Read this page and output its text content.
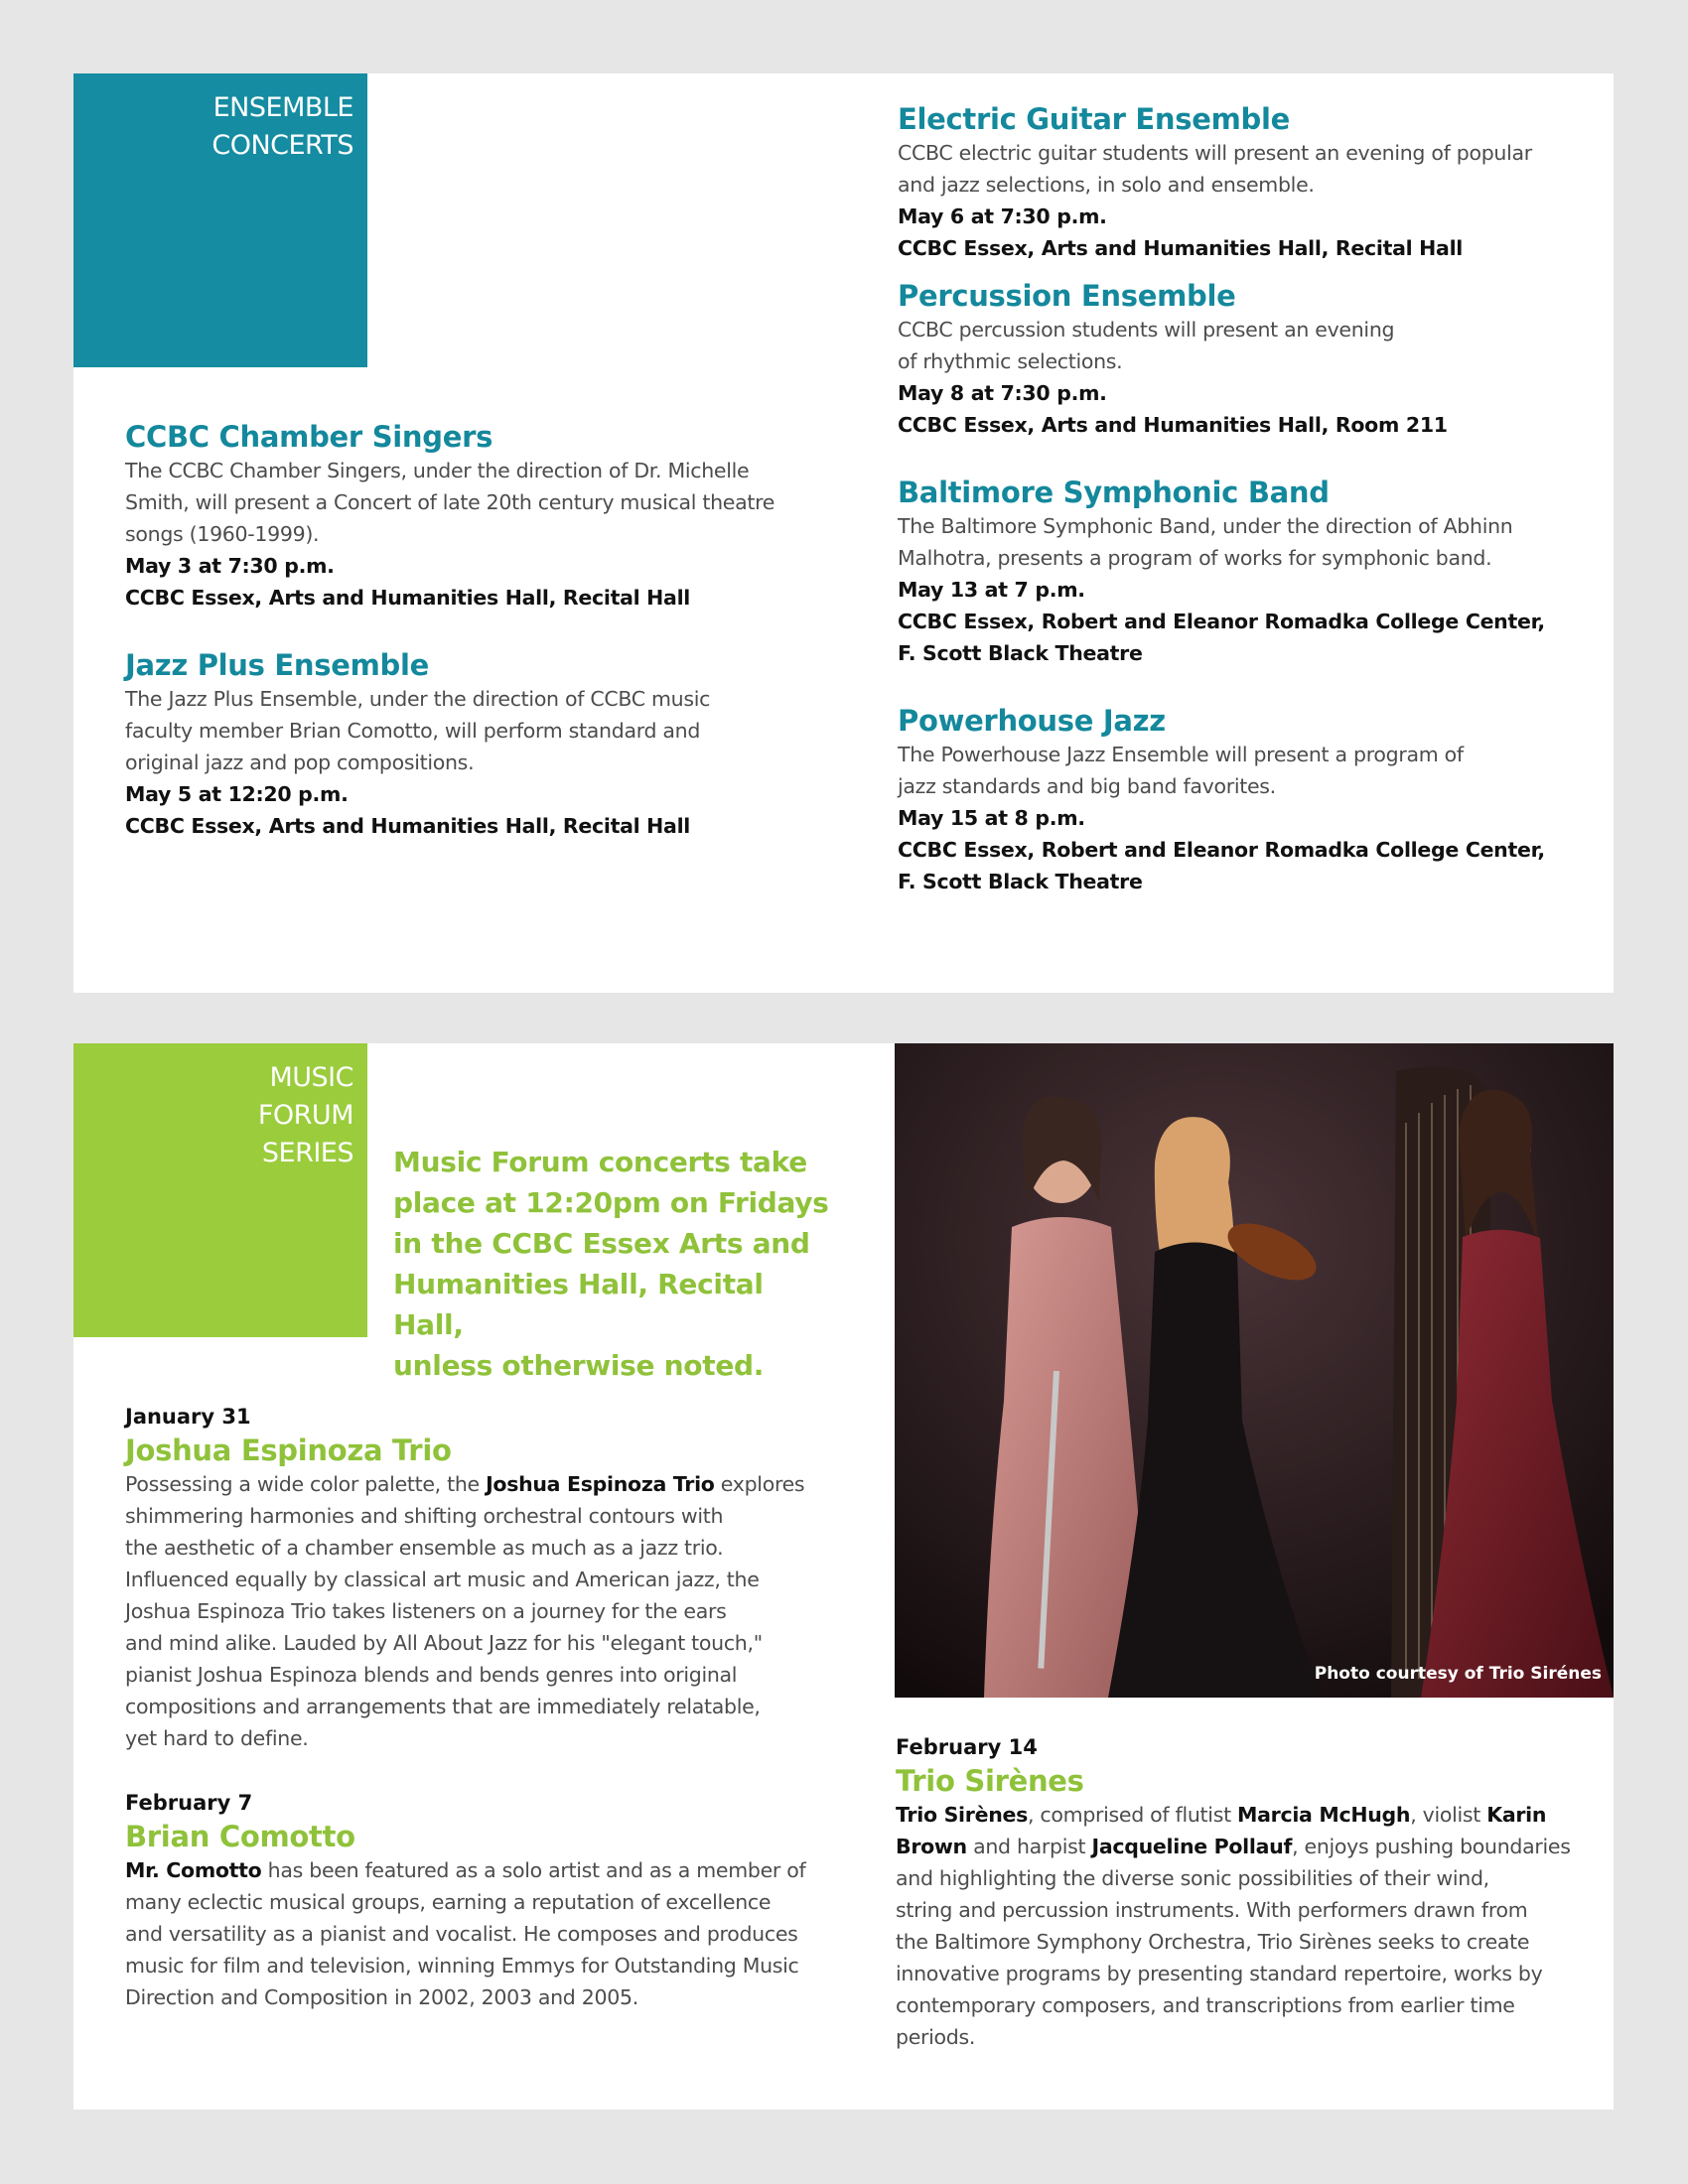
ENSEMBLE
CONCERTS
CCBC Chamber Singers

The CCBC Chamber Singers, under the direction of Dr. Michelle

Smith, will present a Concert of late 20th century musical theatre

songs (1960-1999).

May 3 at 7:30 p.m.

CCBC Essex, Arts and Humanities Hall, Recital Hall

Jazz Plus Ensemble

The Jazz Plus Ensemble, under the direction of CCBC music

faculty member Brian Comotto, will perform standard and

original jazz and pop compositions.

May 5 at 12:20 p.m.

CCBC Essex, Arts and Humanities Hall, Recital Hall

Electric Guitar Ensemble

CCBC electric guitar students will present an evening of popular

and jazz selections, in solo and ensemble.

May 6 at 7:30 p.m.

CCBC Essex, Arts and Humanities Hall, Recital Hall

Percussion Ensemble

CCBC percussion students will present an evening

of rhythmic selections.

May 8 at 7:30 p.m.

CCBC Essex, Arts and Humanities Hall, Room 211

Baltimore Symphonic Band

The Baltimore Symphonic Band, under the direction of Abhinn

Malhotra, presents a program of works for symphonic band.

May 13 at 7 p.m.

CCBC Essex, Robert and Eleanor Romadka College Center,

F. Scott Black Theatre

Powerhouse Jazz

The Powerhouse Jazz Ensemble will present a program of

jazz standards and big band favorites.

May 15 at 8 p.m.

CCBC Essex, Robert and Eleanor Romadka College Center,

F. Scott Black Theatre

MUSIC
FORUM
SERIES Music Forum concerts take
place at 12:20pm on Fridays
in the CCBC Essex Arts and
Humanities Hall, Recital Hall,
unless otherwise noted.
Photo courtesy of Trio Sirénes

January 31

Joshua Espinoza Trio

Possessing a wide color palette, the Joshua Espinoza Trio explores

shimmering harmonies and shifting orchestral contours with

the aesthetic of a chamber ensemble as much as a jazz trio.

Influenced equally by classical art music and American jazz, the

Joshua Espinoza Trio takes listeners on a journey for the ears

and mind alike. Lauded by All About Jazz for his "elegant touch,"

pianist Joshua Espinoza blends and bends genres into original

compositions and arrangements that are immediately relatable,

yet hard to define.

February 7

Brian Comotto

Mr. Comotto has been featured as a solo artist and as a member of

many eclectic musical groups, earning a reputation of excellence

and versatility as a pianist and vocalist. He composes and produces

music for film and television, winning Emmys for Outstanding Music

Direction and Composition in 2002, 2003 and 2005.

February 14

Trio Sirènes

Trio Sirènes, comprised of flutist Marcia McHugh, violist Karin

Brown and harpist Jacqueline Pollauf, enjoys pushing boundaries

and highlighting the diverse sonic possibilities of their wind,

string and percussion instruments. With performers drawn from

the Baltimore Symphony Orchestra, Trio Sirènes seeks to create

innovative programs by presenting standard repertoire, works by

contemporary composers, and transcriptions from earlier time

periods.
